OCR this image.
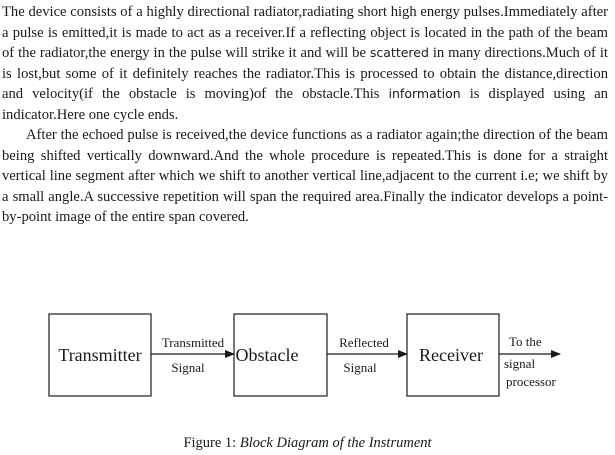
The device consists of a highly directional radiator,radiating short high energy pulses.Immediately after a pulse is emitted,it is made to act as a receiver.If a reflecting object is located in the path of the beam of the radiator,the energy in the pulse will strike it and will be scattered in many directions.Much of it is lost,but some of it definitely reaches the radiator.This is processed to obtain the distance,direction and velocity(if the obstacle is moving)of the obstacle.This information is displayed using an indicator.Here one cycle ends.

After the echoed pulse is received,the device functions as a radiator again;the direction of the beam being shifted vertically downward.And the whole procedure is repeated.This is done for a straight vertical line segment after which we shift to another vertical line,adjacent to the current i.e; we shift by a small angle.A successive repetition will span the required area.Finally the indicator develops a point-by-point image of the entire span covered.

Transmitter
Transmitted
Signal
Obstacle
Reflected
Signal
Receiver
To the
signal
processor
Figure 1: Block Diagram of the Instrument
